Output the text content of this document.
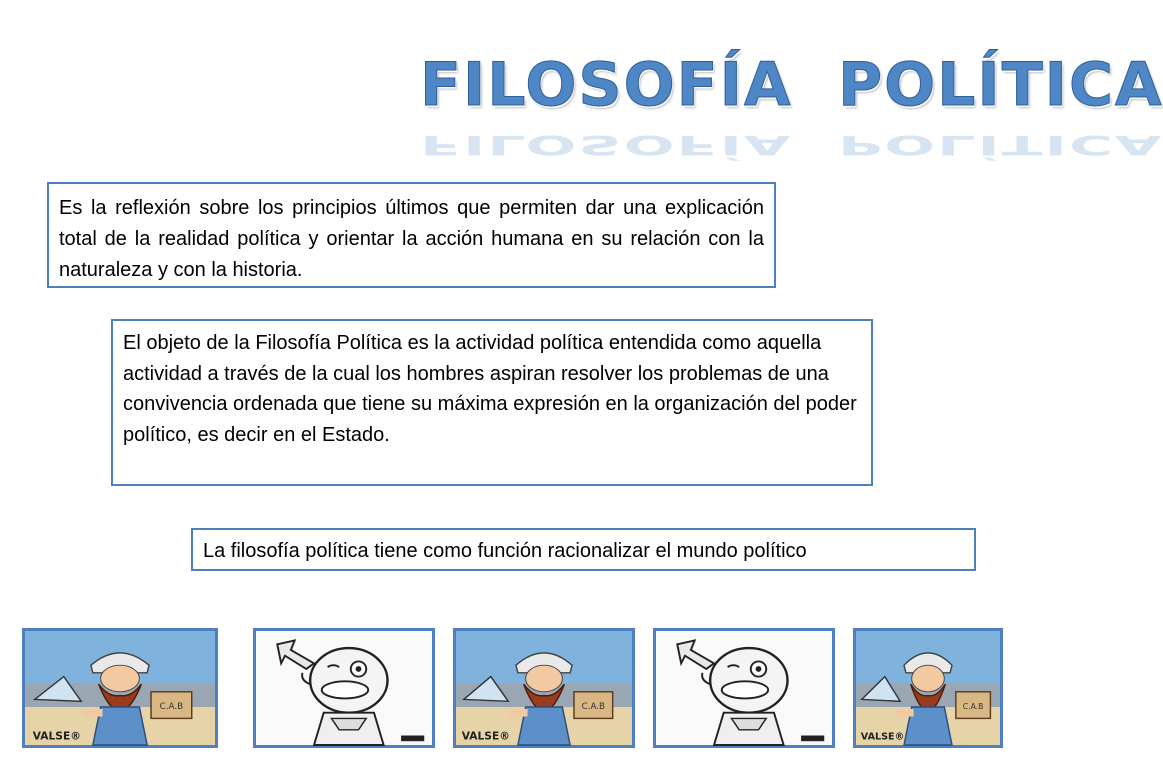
FILOSOFÍA  POLÍTICA
FILOSOFÍA  POLÍTICA
Es la reflexión sobre los principios últimos que permiten dar una explicación total de la realidad política y orientar la acción humana en su relación con la naturaleza y con la historia.
El objeto de la Filosofía Política es la actividad política entendida como aquella actividad a través de la cual los hombres aspiran resolver los problemas de una convivencia ordenada que tiene su máxima expresión en la organización del poder político, es decir en el Estado.
La filosofía política tiene como función racionalizar el mundo político
C.A.B
VALSE®
C.A.B
VALSE®
C.A.B
VALSE®
